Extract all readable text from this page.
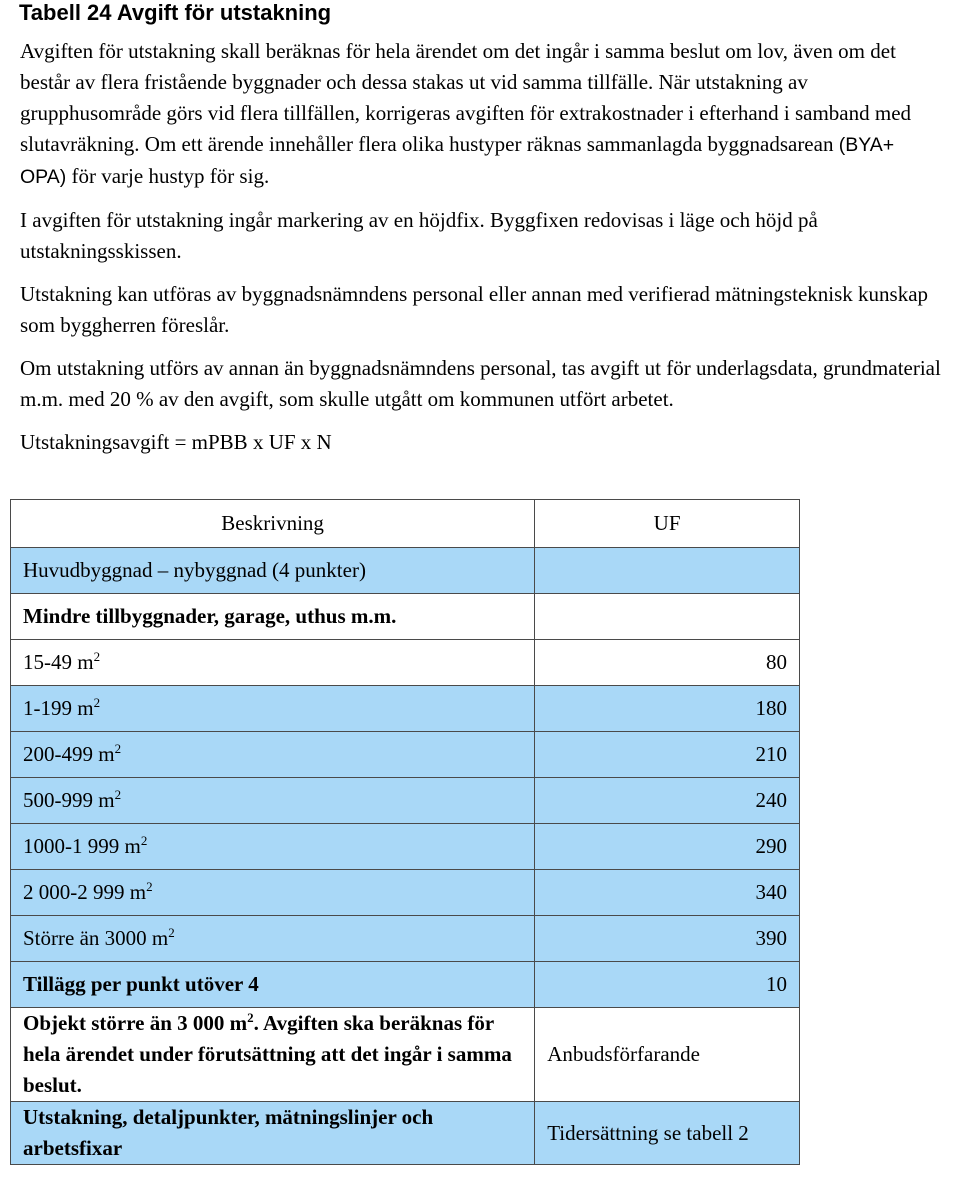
Tabell 24 Avgift för utstakning

Avgiften för utstakning skall beräknas för hela ärendet om det ingår i samma beslut om lov, även om det består av flera fristående byggnader och dessa stakas ut vid samma tillfälle. När utstakning av grupphusområde görs vid flera tillfällen, korrigeras avgiften för extrakostnader i efterhand i samband med slutavräkning. Om ett ärende innehåller flera olika hustyper räknas sammanlagda byggnadsarean (BYA+ OPA) för varje hustyp för sig.

I avgiften för utstakning ingår markering av en höjdfix. Byggfixen redovisas i läge och höjd på utstakningsskissen.

Utstakning kan utföras av byggnadsnämndens personal eller annan med verifierad mätningsteknisk kunskap som byggherren föreslår.

Om utstakning utförs av annan än byggnadsnämndens personal, tas avgift ut för underlagsdata, grundmaterial m.m. med 20 % av den avgift, som skulle utgått om kommunen utfört arbetet.

Utstakningsavgift = mPBB x UF x N

Beskrivning	UF
Huvudbyggnad – nybyggnad (4 punkter)	
Mindre tillbyggnader, garage, uthus m.m.	
15-49 $m^2$	80
1-199 $m^2$	180
200-499 $m^2$	210
500-999 $m^2$	240
1000-1 999 $m^2$	290
2 000-2 999 $m^2$	340
Större än 3000 $m^2$	390
Tillägg per punkt utöver 4	10
Objekt större än 3 000 $m^2$. Avgiften ska beräknas för hela ärendet under förutsättning att det ingår i samma beslut.	Anbudsförfarande
Utstakning, detaljpunkter, mätningslinjer och arbetsfixar	Tidersättning se tabell 2
